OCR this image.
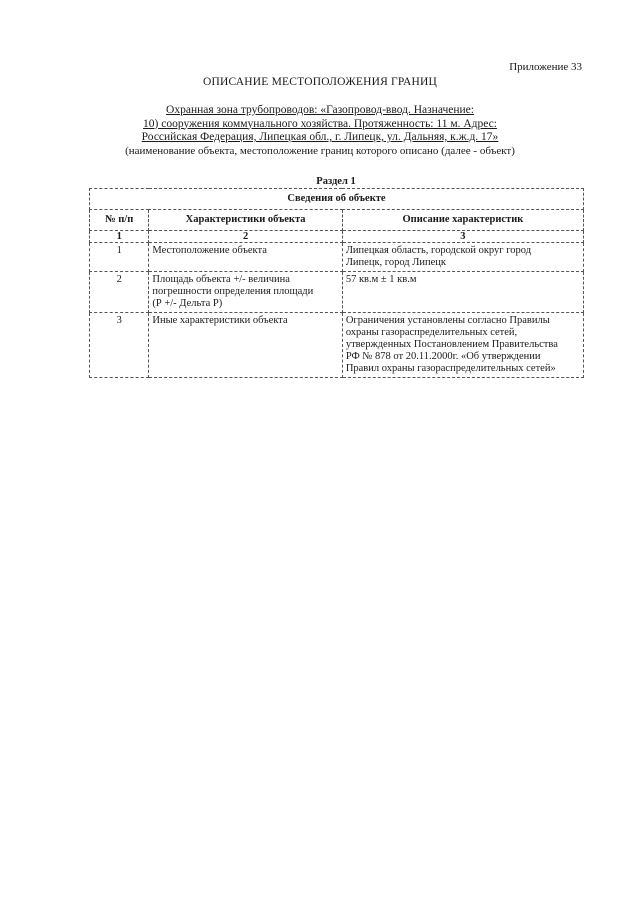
Приложение 33
ОПИСАНИЕ МЕСТОПОЛОЖЕНИЯ ГРАНИЦ
Охранная зона трубопроводов: «Газопровод-ввод. Назначение:
10) сооружения коммунального хозяйства. Протяженность: 11 м. Адрес:
Российская Федерация, Липецкая обл., г. Липецк, ул. Дальняя, к.ж.д. 17»
(наименование объекта, местоположение границ которого описано (далее - объект)
Раздел 1
Сведения об объекте		
№ п/п	Характеристики объекта	Описание характеристик
1	2	3
1	Местоположение объекта	Липецкая область, городской округ город
Липецк, город Липецк

2	Площадь объекта +/- величина
погрешности определения площади
(Р +/- Дельта Р)	57 кв.м ± 1 кв.м

3	Иные характеристики объекта	Ограничения установлены согласно Правилы
охраны газораспределительных сетей,
утвержденных Постановлением Правительства
РФ № 878 от 20.11.2000г. «Об утверждении
Правил охраны газораспределительных сетей»
